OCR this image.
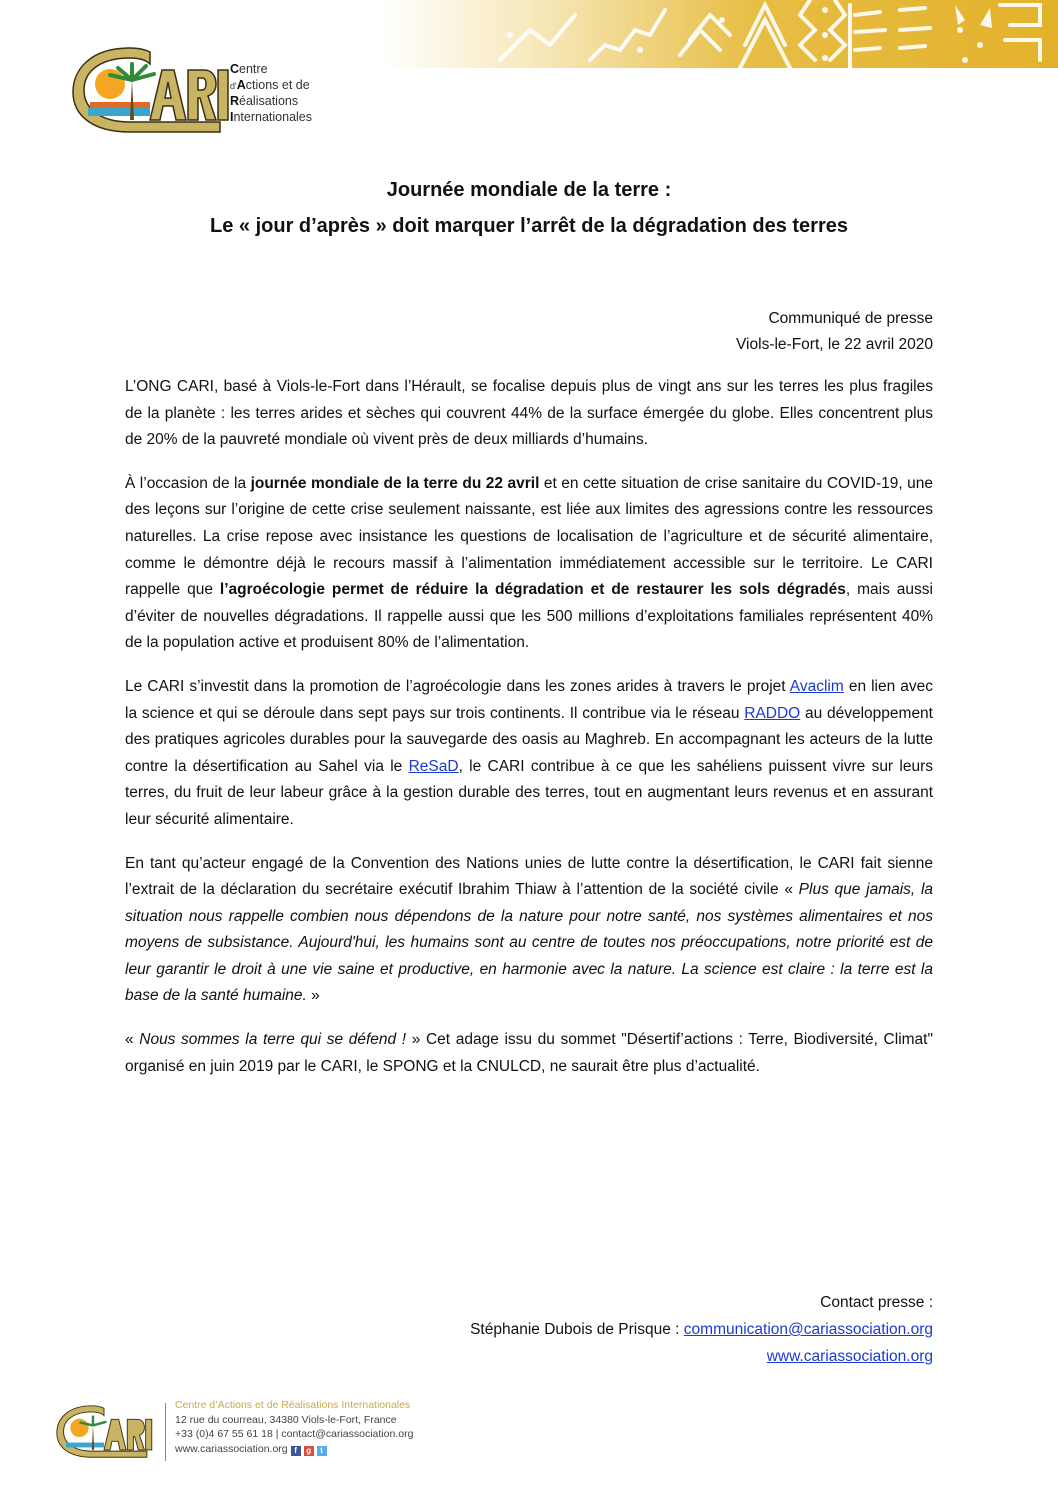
Centre
d'Actions et de
Réalisations
Internationales
Journée mondiale de la terre :
Le « jour d’après » doit marquer l’arrêt de la dégradation des terres
Communiqué de presse
Viols-le-Fort, le 22 avril 2020

L’ONG CARI, basé à Viols-le-Fort dans l’Hérault, se focalise depuis plus de vingt ans sur les terres les plus fragiles de la planète : les terres arides et sèches qui couvrent 44% de la surface émergée du globe. Elles concentrent plus de 20% de la pauvreté mondiale où vivent près de deux milliards d’humains.

À l’occasion de la journée mondiale de la terre du 22 avril et en cette situation de crise sanitaire du COVID-19, une des leçons sur l’origine de cette crise seulement naissante, est liée aux limites des agressions contre les ressources naturelles. La crise repose avec insistance les questions de localisation de l’agriculture et de sécurité alimentaire, comme le démontre déjà le recours massif à l’alimentation immédiatement accessible sur le territoire. Le CARI rappelle que l’agroécologie permet de réduire la dégradation et de restaurer les sols dégradés, mais aussi d’éviter de nouvelles dégradations. Il rappelle aussi que les 500 millions d’exploitations familiales représentent 40% de la population active et produisent 80% de l’alimentation.

Le CARI s’investit dans la promotion de l’agroécologie dans les zones arides à travers le projet Avaclim en lien avec la science et qui se déroule dans sept pays sur trois continents. Il contribue via le réseau RADDO au développement des pratiques agricoles durables pour la sauvegarde des oasis au Maghreb. En accompagnant les acteurs de la lutte contre la désertification au Sahel via le ReSaD, le CARI contribue à ce que les sahéliens puissent vivre sur leurs terres, du fruit de leur labeur grâce à la gestion durable des terres, tout en augmentant leurs revenus et en assurant leur sécurité alimentaire.

En tant qu’acteur engagé de la Convention des Nations unies de lutte contre la désertification, le CARI fait sienne l’extrait de la déclaration du secrétaire exécutif Ibrahim Thiaw à l’attention de la société civile « Plus que jamais, la situation nous rappelle combien nous dépendons de la nature pour notre santé, nos systèmes alimentaires et nos moyens de subsistance. Aujourd'hui, les humains sont au centre de toutes nos préoccupations, notre priorité est de leur garantir le droit à une vie saine et productive, en harmonie avec la nature. La science est claire : la terre est la base de la santé humaine. »

« Nous sommes la terre qui se défend ! » Cet adage issu du sommet "Désertif’actions : Terre, Biodiversité, Climat" organisé en juin 2019 par le CARI, le SPONG et la CNULCD, ne saurait être plus d’actualité.

Contact presse :
Stéphanie Dubois de Prisque : communication@cariassociation.org
www.cariassociation.org
Centre d’Actions et de Réalisations Internationales
12 rue du courreau, 34380 Viols-le-Fort, France
+33 (0)4 67 55 61 18 | contact@cariassociation.org
www.cariassociation.org f g t
